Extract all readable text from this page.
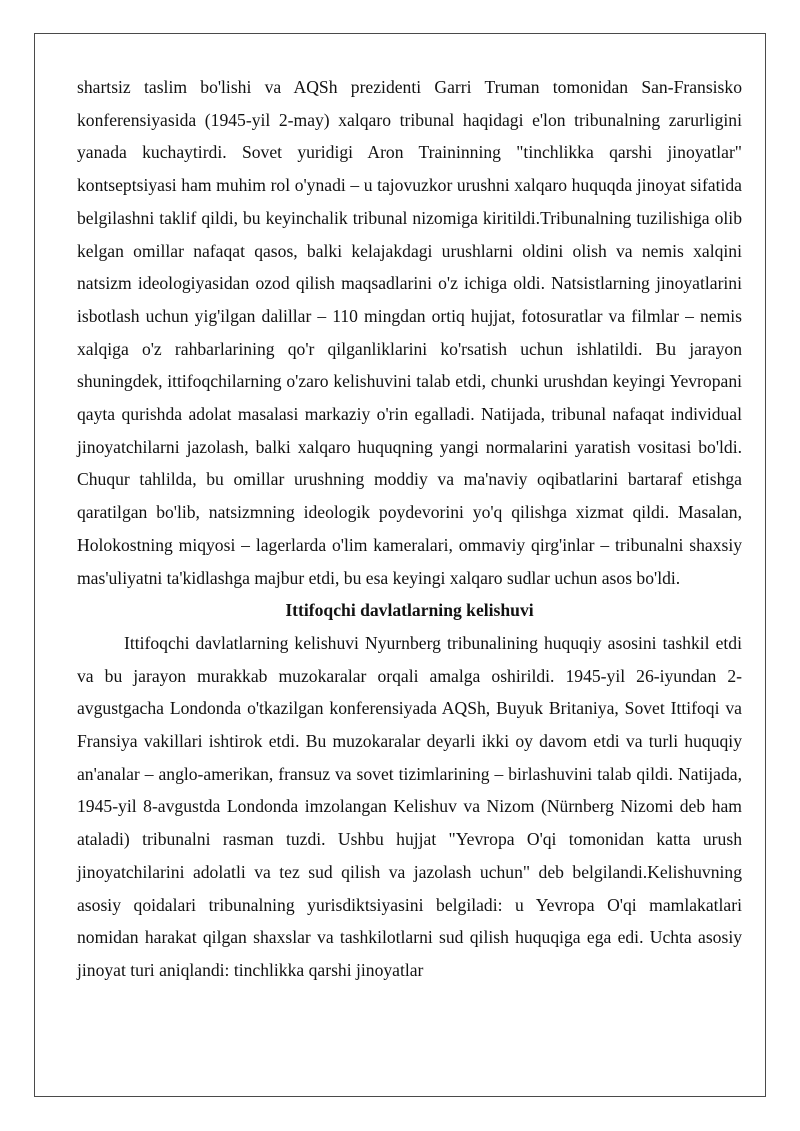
shartsiz taslim bo'lishi va AQSh prezidenti Garri Truman tomonidan San-Fransisko konferensiyasida (1945-yil 2-may) xalqaro tribunal haqidagi e'lon tribunalning zarurligini yanada kuchaytirdi. Sovet yuridigi Aron Traininning "tinchlikka qarshi jinoyatlar" kontseptsiyasi ham muhim rol o'ynadi – u tajovuzkor urushni xalqaro huquqda jinoyat sifatida belgilashni taklif qildi, bu keyinchalik tribunal nizomiga kiritildi.Tribunalning tuzilishiga olib kelgan omillar nafaqat qasos, balki kelajakdagi urushlarni oldini olish va nemis xalqini natsizm ideologiyasidan ozod qilish maqsadlarini o'z ichiga oldi. Natsistlarning jinoyatlarini isbotlash uchun yig'ilgan dalillar – 110 mingdan ortiq hujjat, fotosuratlar va filmlar – nemis xalqiga o'z rahbarlarining qo'r qilganliklarini ko'rsatish uchun ishlatildi. Bu jarayon shuningdek, ittifoqchilarning o'zaro kelishuvini talab etdi, chunki urushdan keyingi Yevropani qayta qurishda adolat masalasi markaziy o'rin egalladi. Natijada, tribunal nafaqat individual jinoyatchilarni jazolash, balki xalqaro huquqning yangi normalarini yaratish vositasi bo'ldi. Chuqur tahlilda, bu omillar urushning moddiy va ma'naviy oqibatlarini bartaraf etishga qaratilgan bo'lib, natsizmning ideologik poydevorini yo'q qilishga xizmat qildi. Masalan, Holokostning miqyosi – lagerlarda o'lim kameralari, ommaviy qirg'inlar – tribunalni shaxsiy mas'uliyatni ta'kidlashga majbur etdi, bu esa keyingi xalqaro sudlar uchun asos bo'ldi.

Ittifoqchi davlatlarning kelishuvi

Ittifoqchi davlatlarning kelishuvi Nyurnberg tribunalining huquqiy asosini tashkil etdi va bu jarayon murakkab muzokaralar orqali amalga oshirildi. 1945-yil 26-iyundan 2-avgustgacha Londonda o'tkazilgan konferensiyada AQSh, Buyuk Britaniya, Sovet Ittifoqi va Fransiya vakillari ishtirok etdi. Bu muzokaralar deyarli ikki oy davom etdi va turli huquqiy an'analar – anglo-amerikan, fransuz va sovet tizimlarining – birlashuvini talab qildi. Natijada, 1945-yil 8-avgustda Londonda imzolangan Kelishuv va Nizom (Nürnberg Nizomi deb ham ataladi) tribunalni rasman tuzdi. Ushbu hujjat "Yevropa O'qi tomonidan katta urush jinoyatchilarini adolatli va tez sud qilish va jazolash uchun" deb belgilandi.Kelishuvning asosiy qoidalari tribunalning yurisdiktsiyasini belgiladi: u Yevropa O'qi mamlakatlari nomidan harakat qilgan shaxslar va tashkilotlarni sud qilish huquqiga ega edi. Uchta asosiy jinoyat turi aniqlandi: tinchlikka qarshi jinoyatlar
